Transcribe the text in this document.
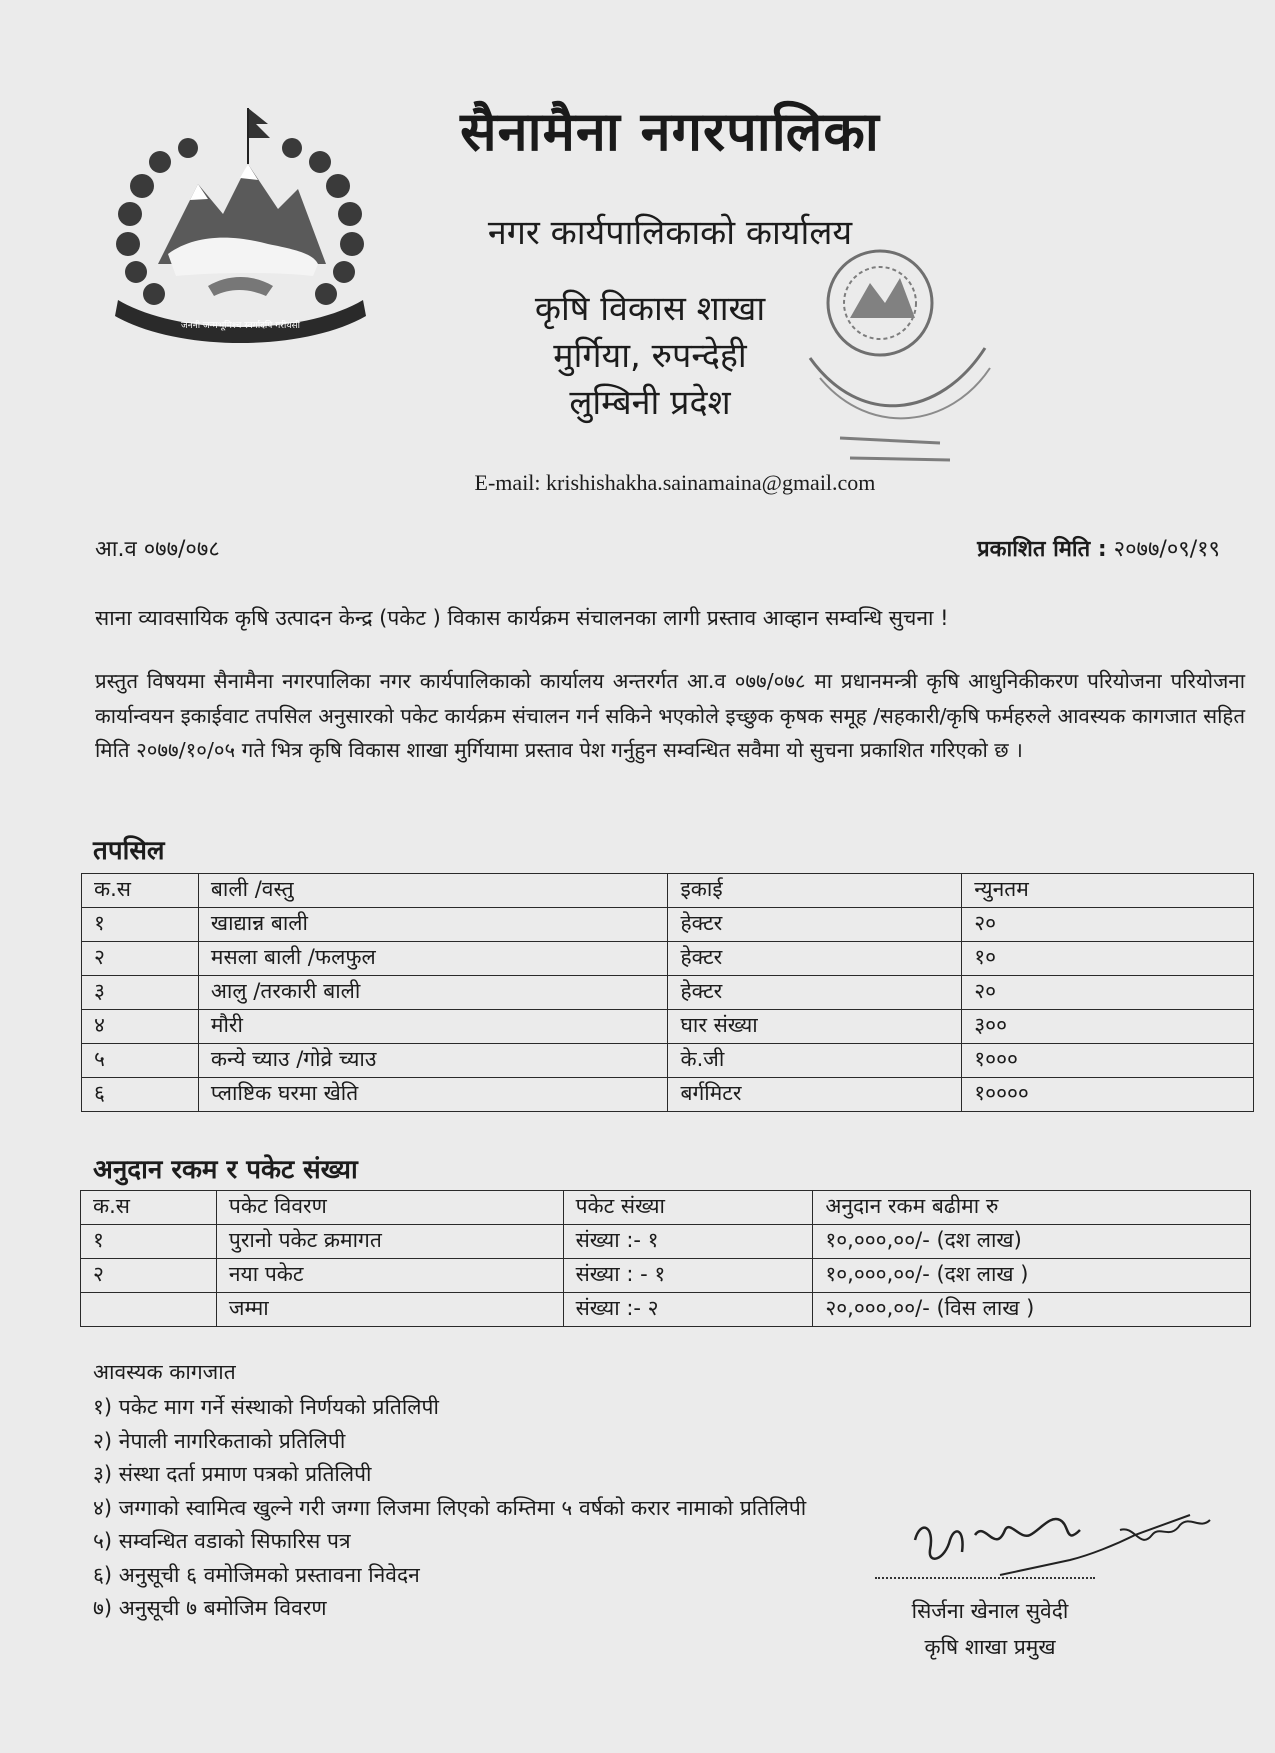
जननी जन्मभूमिश्च स्वर्गादपि गरीयसी
सैनामैना नगरपालिका
नगर कार्यपालिकाको कार्यालय
कृषि विकास शाखा
मुर्गिया, रुपन्देही
लुम्बिनी प्रदेश
E-mail: krishishakha.sainamaina@gmail.com
आ.व ०७७/०७८	प्रकाशित मिति : २०७७/०९/१९
साना व्यावसायिक कृषि उत्पादन केन्द्र (पकेट ) विकास कार्यक्रम संचालनका लागी प्रस्ताव आव्हान सम्वन्धि सुचना !
प्रस्तुत विषयमा सैनामैना नगरपालिका नगर कार्यपालिकाको कार्यालय अन्तरर्गत आ.व ०७७/०७८ मा प्रधानमन्त्री कृषि आधुनिकीकरण परियोजना परियोजना कार्यान्वयन इकाईवाट तपसिल अनुसारको पकेट कार्यक्रम संचालन गर्न सकिने भएकोले इच्छुक कृषक समूह /सहकारी/कृषि फर्महरुले आवस्यक कागजात सहित मिति २०७७/१०/०५ गते भित्र कृषि विकास शाखा मुर्गियामा प्रस्ताव पेश गर्नुहुन सम्वन्धित सवैमा यो सुचना प्रकाशित गरिएको छ ।
तपसिल
क.स	बाली /वस्तु	इकाई	न्युनतम
१	खाद्यान्न बाली	हेक्टर	२०
२	मसला बाली /फलफुल	हेक्टर	१०
३	आलु /तरकारी बाली	हेक्टर	२०
४	मौरी	घार संख्या	३००
५	कन्ये च्याउ /गोव्रे च्याउ	के.जी	१०००
६	प्लाष्टिक घरमा खेति	बर्गमिटर	१००००
अनुदान रकम र पकेट संख्या
क.स	पकेट विवरण	पकेट संख्या	अनुदान रकम बढीमा रु
१	पुरानो पकेट क्रमागत	संख्या :- १	१०,०००,००/- (दश लाख)
२	नया पकेट	संख्या : - १	१०,०००,००/- (दश लाख )
	जम्मा	संख्या :- २	२०,०००,००/- (विस लाख )
आवस्यक कागजात
१) पकेट माग गर्ने संस्थाको निर्णयको प्रतिलिपी
२) नेपाली नागरिकताको प्रतिलिपी
३) संस्था दर्ता प्रमाण पत्रको प्रतिलिपी
४) जग्गाको स्वामित्व खुल्ने गरी जग्गा लिजमा लिएको कम्तिमा ५ वर्षको करार नामाको प्रतिलिपी
५) सम्वन्धित वडाको सिफारिस पत्र
६) अनुसूची ६ वमोजिमको प्रस्तावना निवेदन
७) अनुसूची ७ बमोजिम विवरण	सिर्जना खेनाल सुवेदी
कृषि शाखा प्रमुख
